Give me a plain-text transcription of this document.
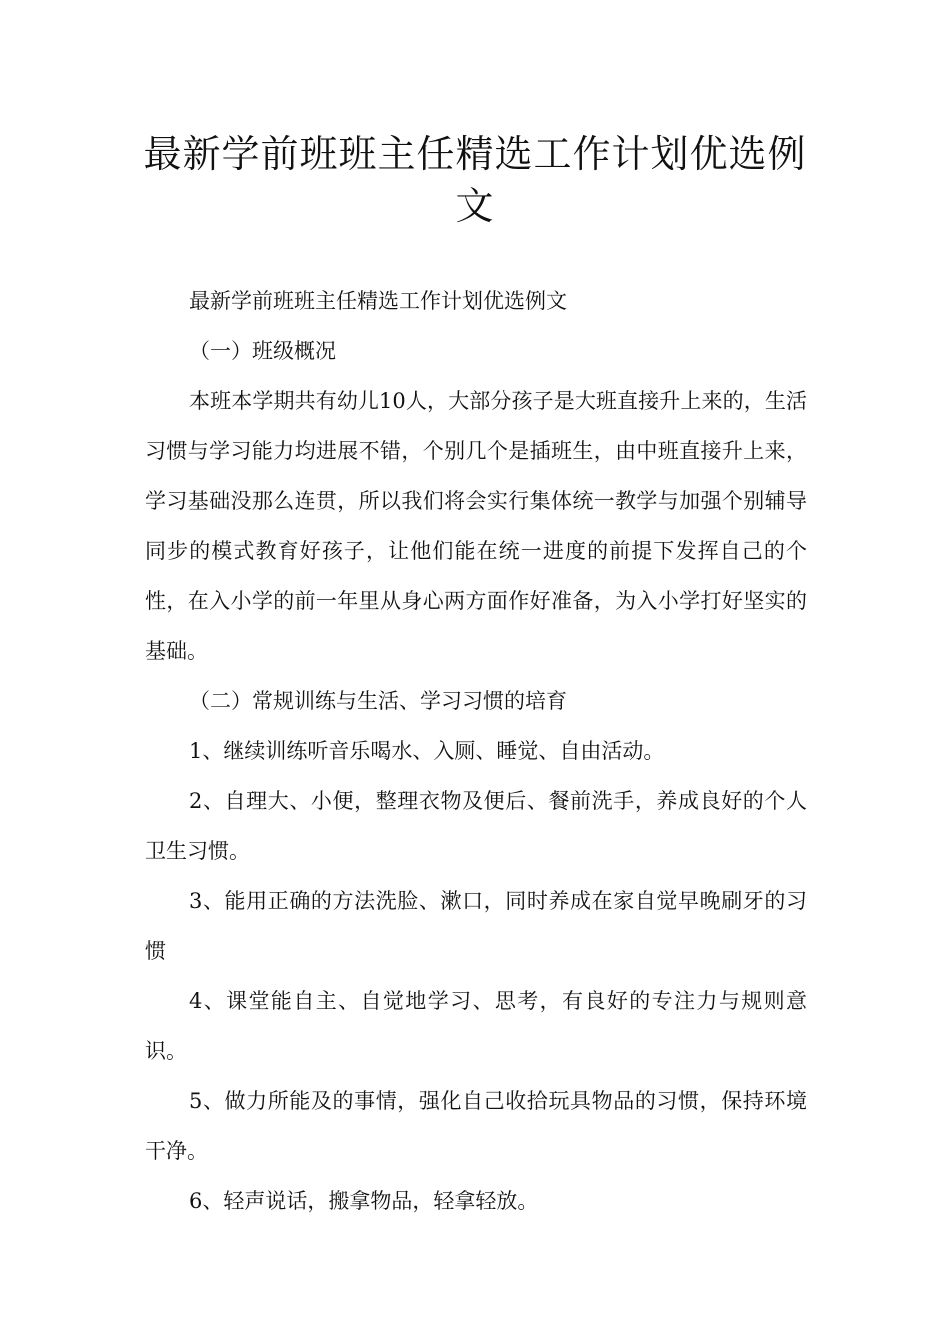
最新学前班班主任精选工作计划优选例文

最新学前班班主任精选工作计划优选例文

（一）班级概况

本班本学期共有幼儿10人，大部分孩子是大班直接升上来的，生活习惯与学习能力均进展不错，个别几个是插班生，由中班直接升上来，学习基础没那么连贯，所以我们将会实行集体统一教学与加强个别辅导同步的模式教育好孩子，让他们能在统一进度的前提下发挥自己的个性，在入小学的前一年里从身心两方面作好准备，为入小学打好坚实的基础。

（二）常规训练与生活、学习习惯的培育

1、继续训练听音乐喝水、入厕、睡觉、自由活动。

2、自理大、小便，整理衣物及便后、餐前洗手，养成良好的个人卫生习惯。

3、能用正确的方法洗脸、漱口，同时养成在家自觉早晚刷牙的习惯

4、课堂能自主、自觉地学习、思考，有良好的专注力与规则意识。

5、做力所能及的事情，强化自己收拾玩具物品的习惯，保持环境干净。

6、轻声说话，搬拿物品，轻拿轻放。
